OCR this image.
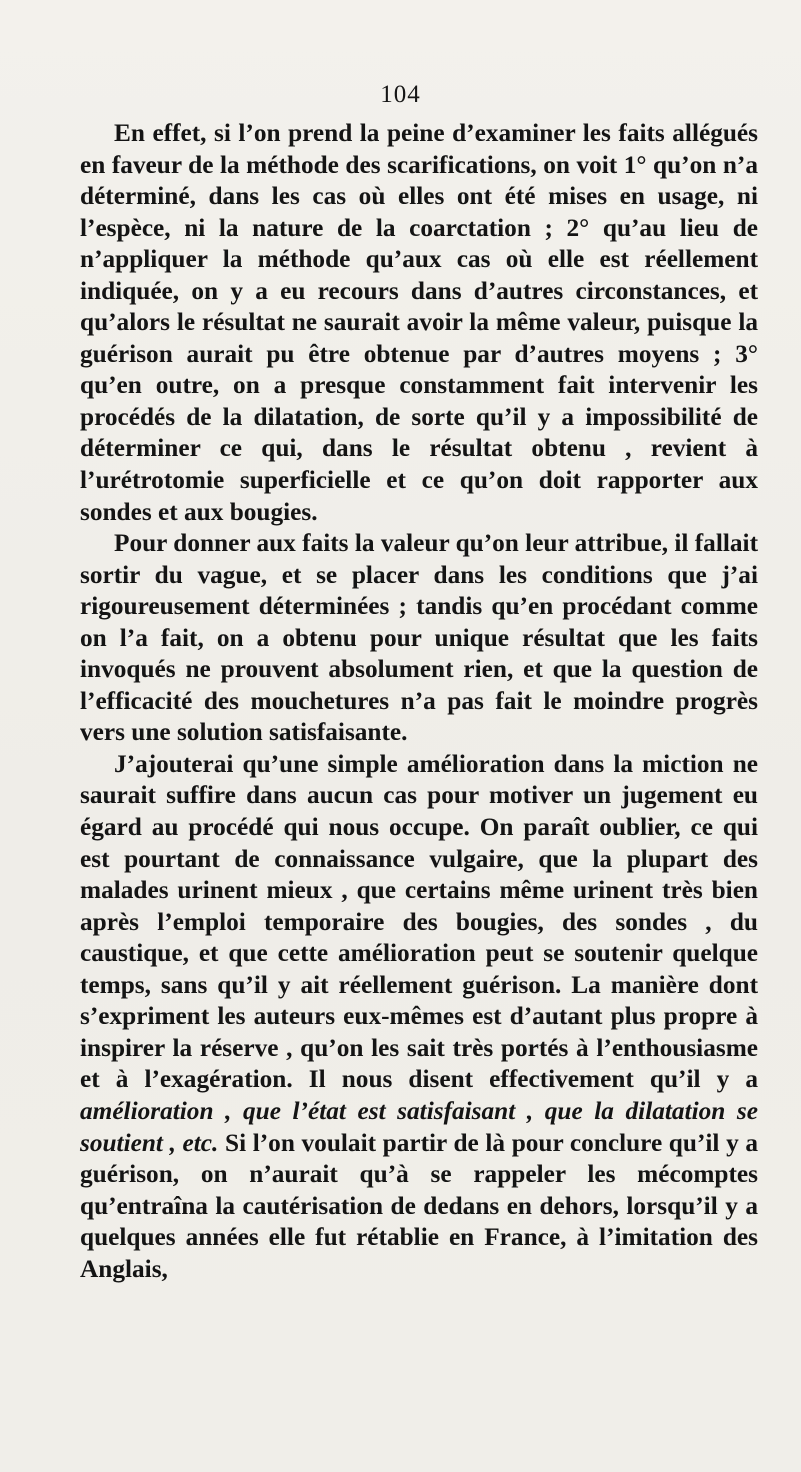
104

En effet, si l’on prend la peine d’examiner les faits allégués en faveur de la méthode des scarifications, on voit 1° qu’on n’a déterminé, dans les cas où elles ont été mises en usage, ni l’espèce, ni la nature de la coarctation ; 2° qu’au lieu de n’appliquer la méthode qu’aux cas où elle est réellement indiquée, on y a eu recours dans d’autres circonstances, et qu’alors le résultat ne saurait avoir la même valeur, puisque la guérison aurait pu être obtenue par d’autres moyens ; 3° qu’en outre, on a presque constamment fait intervenir les procédés de la dilatation, de sorte qu’il y a impossibilité de déterminer ce qui, dans le résultat obtenu , revient à l’urétrotomie superficielle et ce qu’on doit rapporter aux sondes et aux bougies.

Pour donner aux faits la valeur qu’on leur attribue, il fallait sortir du vague, et se placer dans les conditions que j’ai rigoureusement déterminées ; tandis qu’en procédant comme on l’a fait, on a obtenu pour unique résultat que les faits invoqués ne prouvent absolument rien, et que la question de l’efficacité des mouchetures n’a pas fait le moindre progrès vers une solution satisfaisante.

J’ajouterai qu’une simple amélioration dans la miction ne saurait suffire dans aucun cas pour motiver un jugement eu égard au procédé qui nous occupe. On paraît oublier, ce qui est pourtant de connaissance vulgaire, que la plupart des malades urinent mieux , que certains même urinent très bien après l’emploi temporaire des bougies, des sondes , du caustique, et que cette amélioration peut se soutenir quelque temps, sans qu’il y ait réellement guérison. La manière dont s’expriment les auteurs eux-mêmes est d’autant plus propre à inspirer la réserve , qu’on les sait très portés à l’enthousiasme et à l’exagération. Il nous disent effectivement qu’il y a amélioration , que l’état est satisfaisant , que la dilatation se soutient , etc. Si l’on voulait partir de là pour conclure qu’il y a guérison, on n’aurait qu’à se rappeler les mécomptes qu’entraîna la cautérisation de dedans en dehors, lorsqu’il y a quelques années elle fut rétablie en France, à l’imitation des Anglais,
